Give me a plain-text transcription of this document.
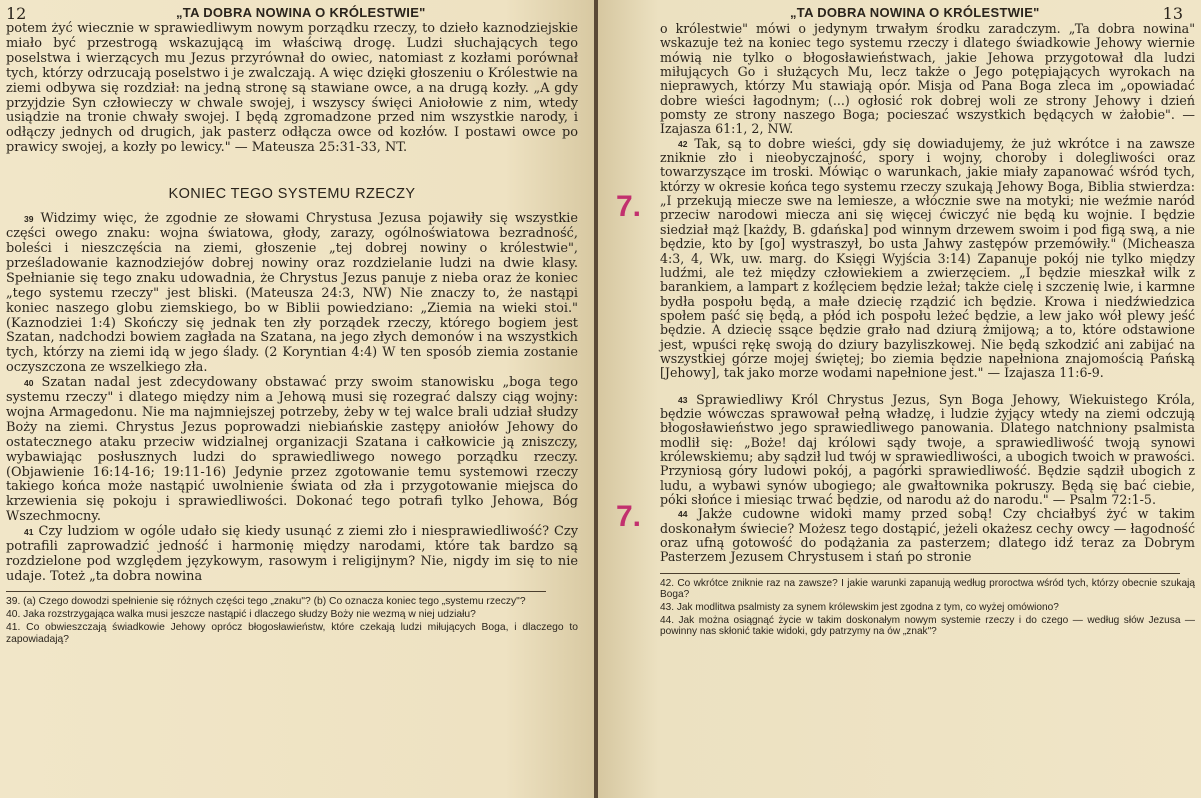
12	„TA DOBRA NOWINA O KRÓLESTWIE"

potem żyć wiecznie w sprawiedliwym nowym porządku rzeczy, to dzieło kaznodziejskie miało być przestrogą wskazującą im właściwą drogę. Ludzi słuchających tego poselstwa i wierzących mu Jezus przyrównał do owiec, natomiast z kozłami porównał tych, którzy odrzucają poselstwo i je zwalczają. A więc dzięki głoszeniu o Królestwie na ziemi odbywa się rozdział: na jedną stronę są stawiane owce, a na drugą kozły. „A gdy przyjdzie Syn człowieczy w chwale swojej, i wszyscy święci Aniołowie z nim, wtedy usiądzie na tronie chwały swojej. I będą zgromadzone przed nim wszystkie narody, i odłączy jednych od drugich, jak pasterz odłącza owce od kozłów. I postawi owce po prawicy swojej, a kozły po lewicy." — Mateusza 25:31-33, NT.

KONIEC TEGO SYSTEMU RZECZY

$^{39}$ Widzimy więc, że zgodnie ze słowami Chrystusa Jezusa pojawiły się wszystkie części owego znaku: wojna światowa, głody, zarazy, ogólnoświatowa bezradność, boleści i nieszczęścia na ziemi, głoszenie „tej dobrej nowiny o królestwie", prześladowanie kaznodziejów dobrej nowiny oraz rozdzielanie ludzi na dwie klasy. Spełnianie się tego znaku udowadnia, że Chrystus Jezus panuje z nieba oraz że koniec „tego systemu rzeczy" jest bliski. (Mateusza 24:3, NW) Nie znaczy to, że nastąpi koniec naszego globu ziemskiego, bo w Biblii powiedziano: „Ziemia na wieki stoi." (Kaznodziei 1:4) Skończy się jednak ten zły porządek rzeczy, którego bogiem jest Szatan, nadchodzi bowiem zagłada na Szatana, na jego złych demonów i na wszystkich tych, którzy na ziemi idą w jego ślady. (2 Koryntian 4:4) W ten sposób ziemia zostanie oczyszczona ze wszelkiego zła.

$^{40}$ Szatan nadal jest zdecydowany obstawać przy swoim stanowisku „boga tego systemu rzeczy" i dlatego między nim a Jehową musi się rozegrać dalszy ciąg wojny: wojna Armagedonu. Nie ma najmniejszej potrzeby, żeby w tej walce brali udział słudzy Boży na ziemi. Chrystus Jezus poprowadzi niebiańskie zastępy aniołów Jehowy do ostatecznego ataku przeciw widzialnej organizacji Szatana i całkowicie ją zniszczy, wybawiając posłusznych ludzi do sprawiedliwego nowego porządku rzeczy. (Objawienie 16:14-16; 19:11-16) Jedynie przez zgotowanie temu systemowi rzeczy takiego końca może nastąpić uwolnienie świata od zła i przygotowanie miejsca do krzewienia się pokoju i sprawiedliwości. Dokonać tego potrafi tylko Jehowa, Bóg Wszechmocny.

$^{41}$ Czy ludziom w ogóle udało się kiedy usunąć z ziemi zło i niesprawiedliwość? Czy potrafili zaprowadzić jedność i harmonię między narodami, które tak bardzo są rozdzielone pod względem językowym, rasowym i religijnym? Nie, nigdy im się to nie udaje. Toteż „ta dobra nowina

39. (a) Czego dowodzi spełnienie się różnych części tego „znaku"? (b) Co oznacza koniec tego „systemu rzeczy"?

40. Jaka rozstrzygająca walka musi jeszcze nastąpić i dlaczego słudzy Boży nie wezmą w niej udziału?

41. Co obwieszczają świadkowie Jehowy oprócz błogosławieństw, które czekają ludzi miłujących Boga, i dlaczego to zapowiadają?

„TA DOBRA NOWINA O KRÓLESTWIE"	13

o królestwie" mówi o jedynym trwałym środku zaradczym. „Ta dobra nowina" wskazuje też na koniec tego systemu rzeczy i dlatego świadkowie Jehowy wiernie mówią nie tylko o błogosławieństwach, jakie Jehowa przygotował dla ludzi miłujących Go i służących Mu, lecz także o Jego potępiających wyrokach na nieprawych, którzy Mu stawiają opór. Misja od Pana Boga zleca im „opowiadać dobre wieści łagodnym; (...) ogłosić rok dobrej woli ze strony Jehowy i dzień pomsty ze strony naszego Boga; pocieszać wszystkich będących w żałobie". — Izajasza 61:1, 2, NW.

$^{42}$ Tak, są to dobre wieści, gdy się dowiadujemy, że już wkrótce i na zawsze zniknie zło i nieobyczajność, spory i wojny, choroby i dolegliwości oraz towarzyszące im troski. Mówiąc o warunkach, jakie miały zapanować wśród tych, którzy w okresie końca tego systemu rzeczy szukają Jehowy Boga, Biblia stwierdza: „I przekują miecze swe na lemiesze, a włócznie swe na motyki; nie weźmie naród przeciw narodowi miecza ani się więcej ćwiczyć nie będą ku wojnie. I będzie siedział mąż [każdy, B. gdańska] pod winnym drzewem swoim i pod figą swą, a nie będzie, kto by [go] wystraszył, bo usta Jahwy zastępów przemówiły." (Micheasza 4:3, 4, Wk, uw. marg. do Księgi Wyjścia 3:14) Zapanuje pokój nie tylko między ludźmi, ale też między człowiekiem a zwierzęciem. „I będzie mieszkał wilk z barankiem, a lampart z koźlęciem będzie leżał; także cielę i szczenię lwie, i karmne bydła pospołu będą, a małe dziecię rządzić ich będzie. Krowa i niedźwiedzica społem paść się będą, a płód ich pospołu leżeć będzie, a lew jako wół plewy jeść będzie. A dziecię ssące będzie grało nad dziurą żmijową; a to, które odstawione jest, wpuści rękę swoją do dziury bazyliszkowej. Nie będą szkodzić ani zabijać na wszystkiej górze mojej świętej; bo ziemia będzie napełniona znajomością Pańską [Jehowy], tak jako morze wodami napełnione jest." — Izajasza 11:6-9.

$^{43}$ Sprawiedliwy Król Chrystus Jezus, Syn Boga Jehowy, Wiekuistego Króla, będzie wówczas sprawował pełną władzę, i ludzie żyjący wtedy na ziemi odczują błogosławieństwo jego sprawiedliwego panowania. Dlatego natchniony psalmista modlił się: „Boże! daj królowi sądy twoje, a sprawiedliwość twoją synowi królewskiemu; aby sądził lud twój w sprawiedliwości, a ubogich twoich w prawości. Przyniosą góry ludowi pokój, a pagórki sprawiedliwość. Będzie sądził ubogich z ludu, a wybawi synów ubogiego; ale gwałtownika pokruszy. Będą się bać ciebie, póki słońce i miesiąc trwać będzie, od narodu aż do narodu." — Psalm 72:1-5.

$^{44}$ Jakże cudowne widoki mamy przed sobą! Czy chciałbyś żyć w takim doskonałym świecie? Możesz tego dostąpić, jeżeli okażesz cechy owcy — łagodność oraz ufną gotowość do podążania za pasterzem; dlatego idź teraz za Dobrym Pasterzem Jezusem Chrystusem i stań po stronie

42. Co wkrótce zniknie raz na zawsze? I jakie warunki zapanują według proroctwa wśród tych, którzy obecnie szukają Boga?

43. Jak modlitwa psalmisty za synem królewskim jest zgodna z tym, co wyżej omówiono?

44. Jak można osiągnąć życie w takim doskonałym nowym systemie rzeczy i do czego — według słów Jezusa — powinny nas skłonić takie widoki, gdy patrzymy na ów „znak"?

7.
7.
